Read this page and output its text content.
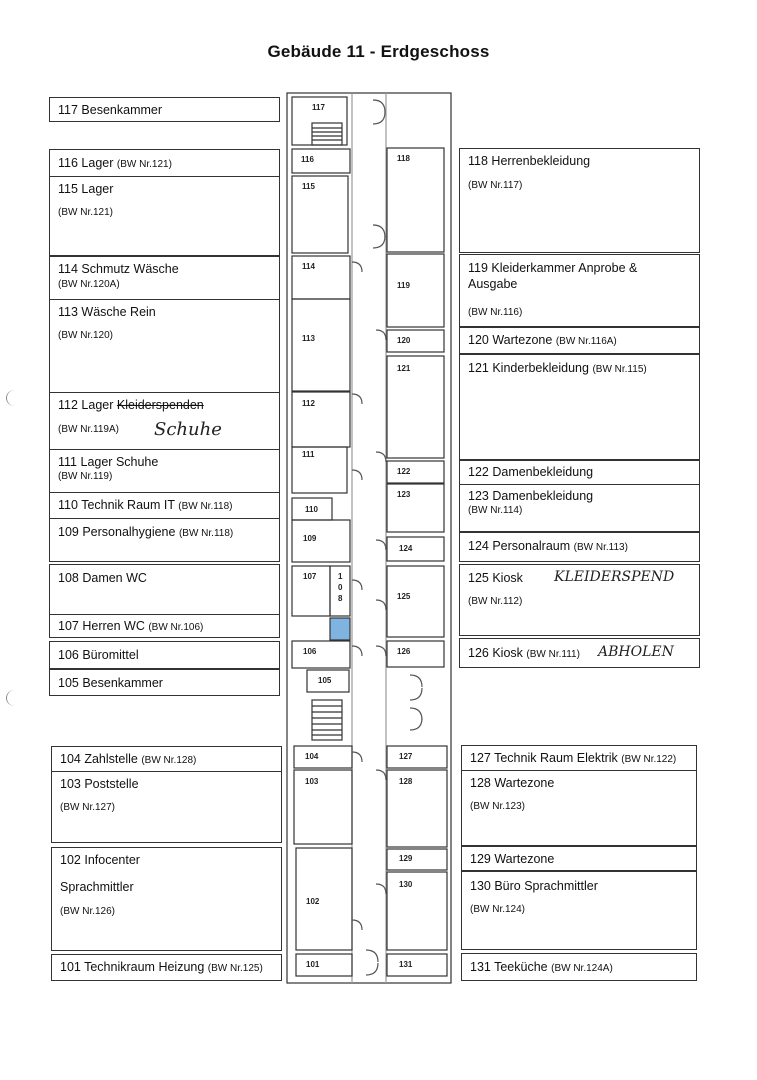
Gebäude 11 - Erdgeschoss
117 Besenkammer
116 Lager (BW Nr.121)
115 Lager
(BW Nr.121)
114 Schmutz Wäsche
(BW Nr.120A)
113 Wäsche Rein
(BW Nr.120)
112 Lager Kleiderspenden
(BW Nr.119A) Schuhe
111 Lager Schuhe
(BW Nr.119)
110 Technik Raum IT (BW Nr.118)
109 Personalhygiene (BW Nr.118)
108 Damen WC
107 Herren WC (BW Nr.106)
106 Büromittel
105 Besenkammer
104 Zahlstelle (BW Nr.128)
103 Poststelle
(BW Nr.127)
102 Infocenter
Sprachmittler
(BW Nr.126)
101 Technikraum Heizung (BW Nr.125)
118 Herrenbekleidung
(BW Nr.117)
119 Kleiderkammer Anprobe &
Ausgabe
(BW Nr.116)
120 Wartezone (BW Nr.116A)
121 Kinderbekleidung (BW Nr.115)
122 Damenbekleidung
123 Damenbekleidung
(BW Nr.114)
124 Personalraum (BW Nr.113)
125 Kiosk
(BW Nr.112)
KLEIDERSPEND
126 Kiosk (BW Nr.111) ABHOLEN
127 Technik Raum Elektrik (BW Nr.122)
128 Wartezone
(BW Nr.123)
129 Wartezone
130 Büro Sprachmittler
(BW Nr.124)
131 Teeküche (BW Nr.124A)
117
116
115
114
113
112
111
110
109
107	1
0
8
106
105
104
103
102
101
118
119
120
121
122
123
124
125
126
127
128
129
130
131
